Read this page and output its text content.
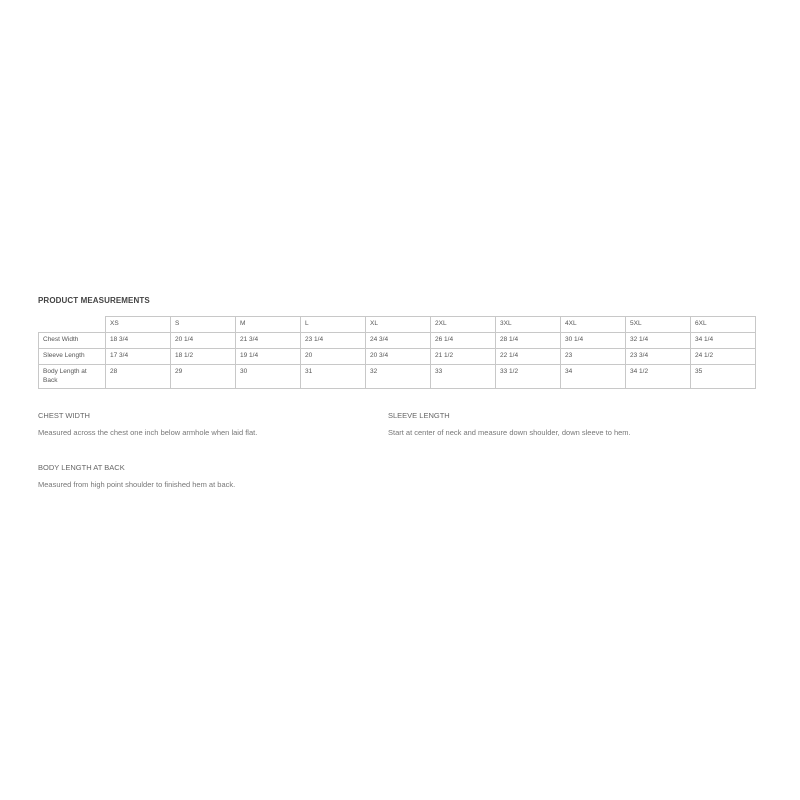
PRODUCT MEASUREMENTS
	XS	S	M	L	XL	2XL	3XL	4XL	5XL	6XL
Chest Width	18 3/4	20 1/4	21 3/4	23 1/4	24 3/4	26 1/4	28 1/4	30 1/4	32 1/4	34 1/4
Sleeve Length	17 3/4	18 1/2	19 1/4	20	20 3/4	21 1/2	22 1/4	23	23 3/4	24 1/2
Body Length at Back	28	29	30	31	32	33	33 1/2	34	34 1/2	35
CHEST WIDTH
Measured across the chest one inch below armhole when laid flat.
SLEEVE LENGTH
Start at center of neck and measure down shoulder, down sleeve to hem.
BODY LENGTH AT BACK
Measured from high point shoulder to finished hem at back.
